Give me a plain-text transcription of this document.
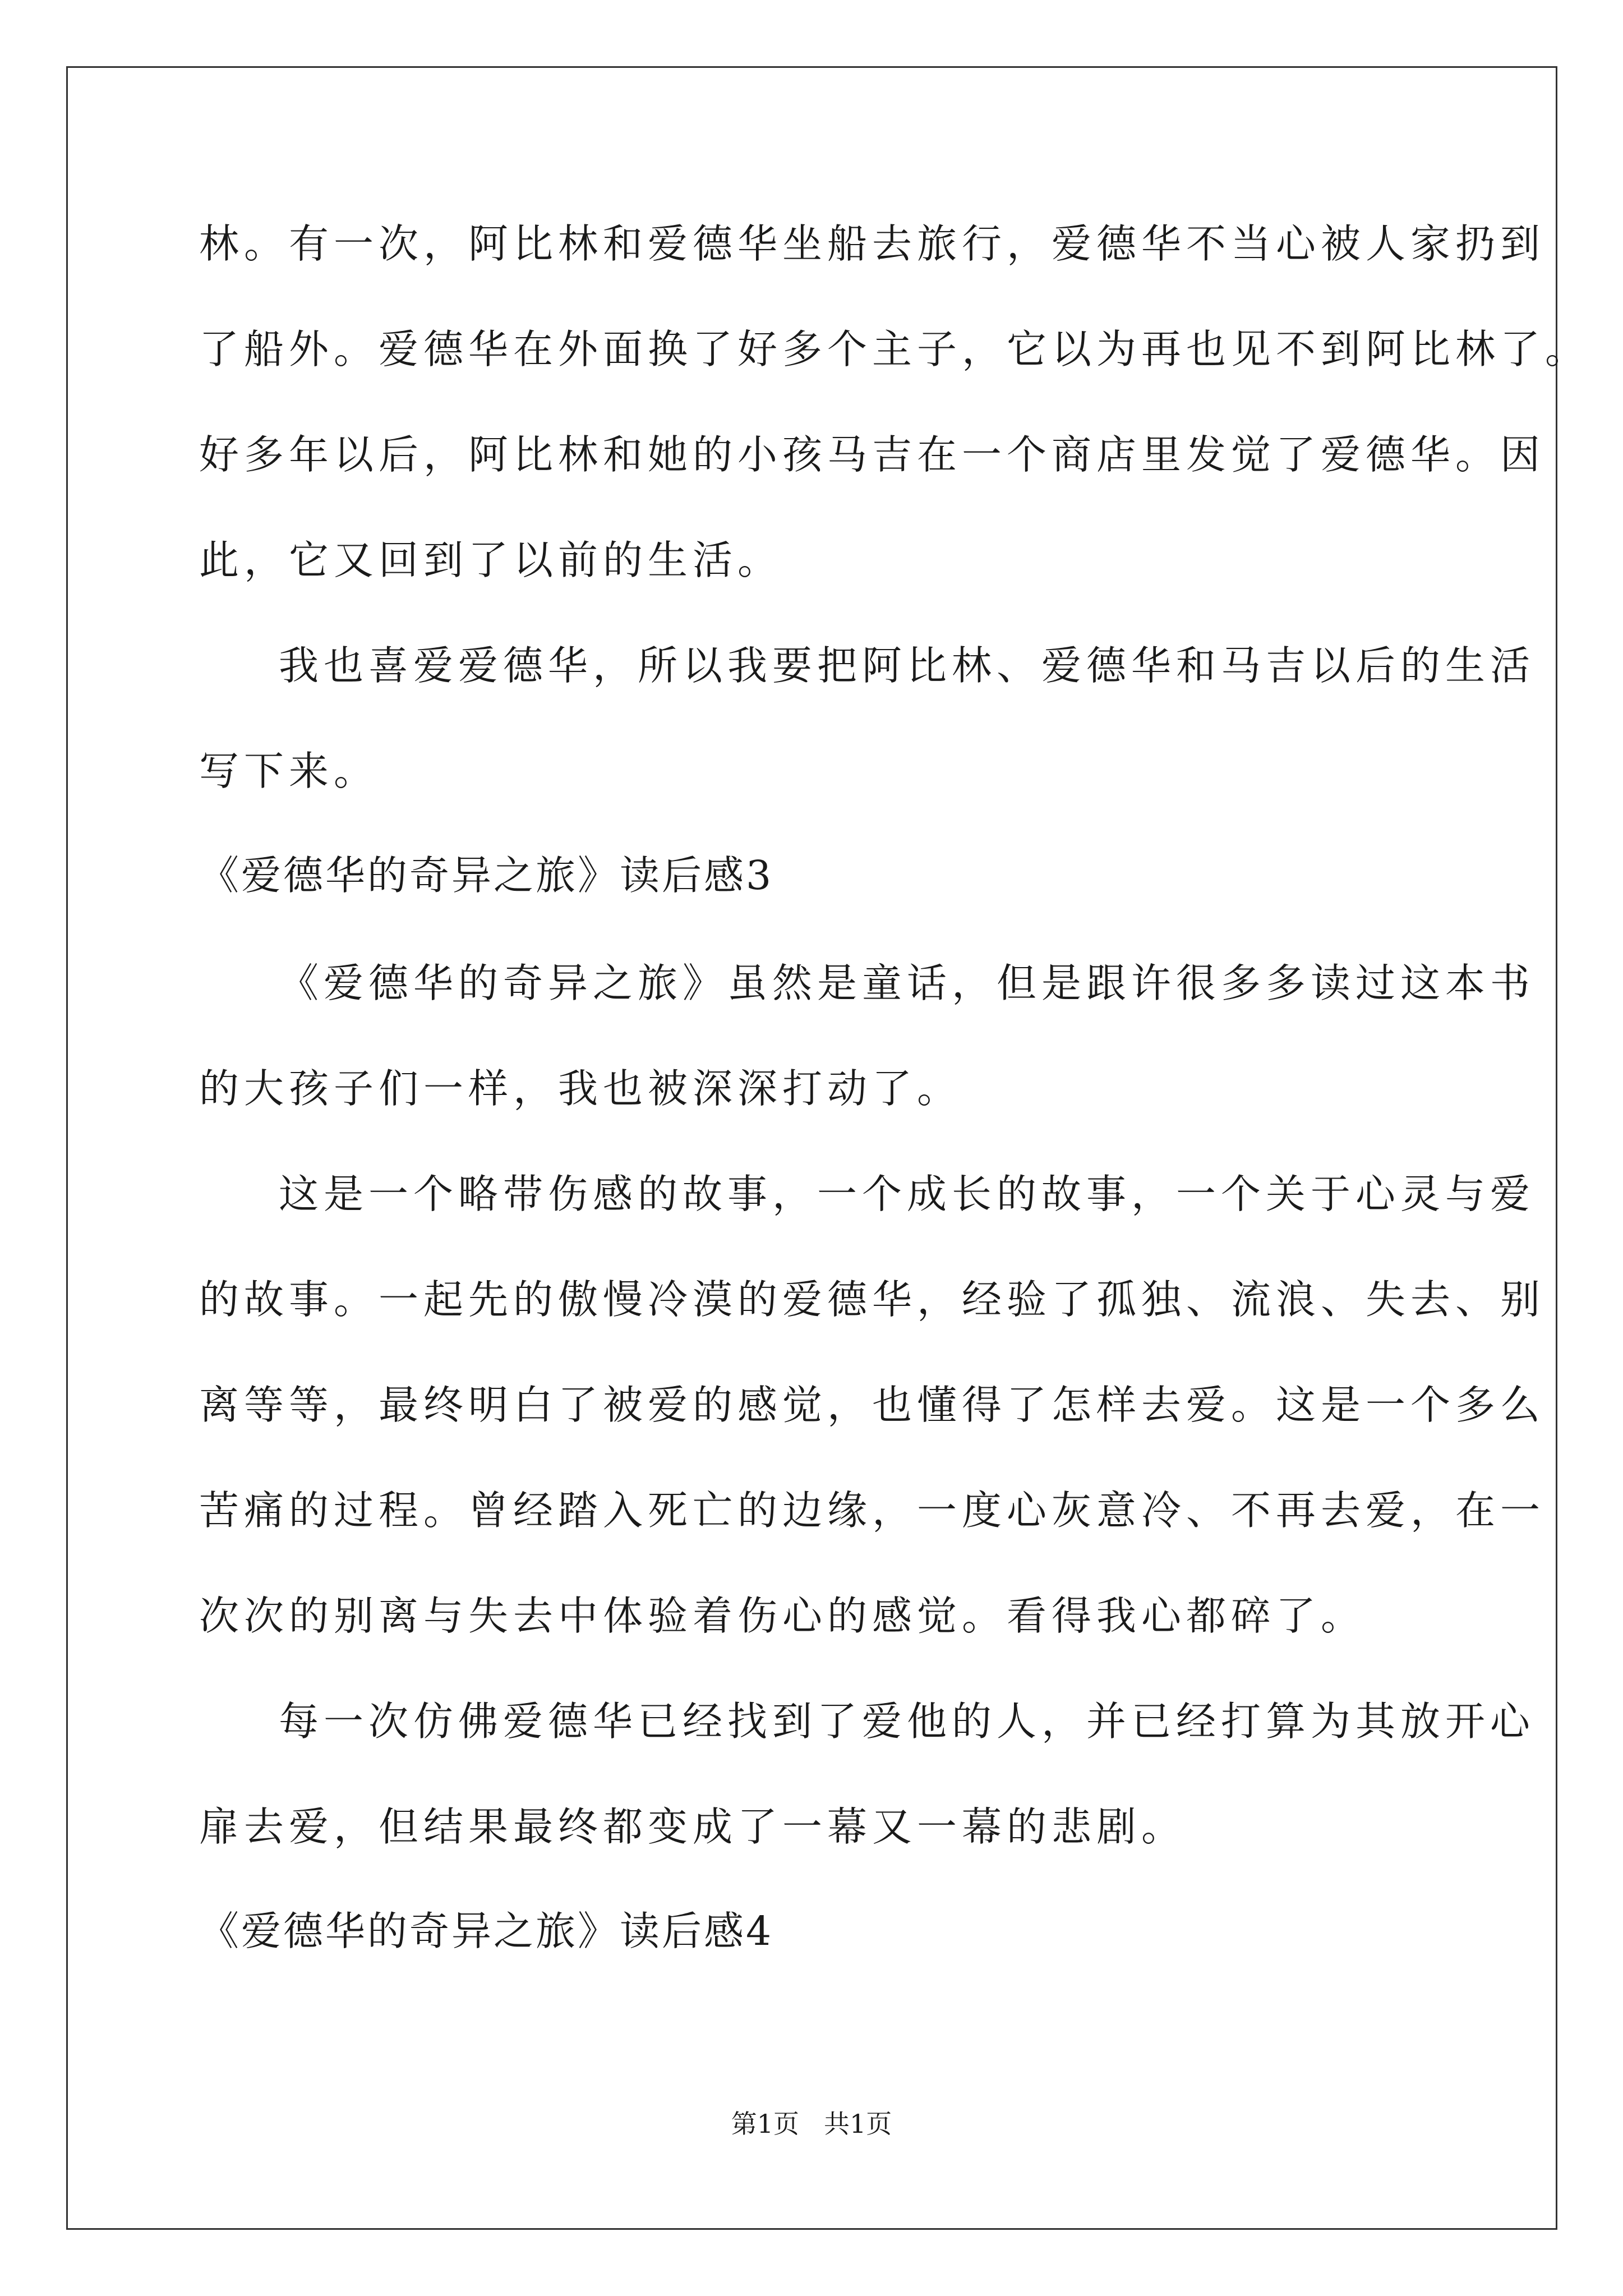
林。有一次，阿比林和爱德华坐船去旅行，爱德华不当心被人家扔到
了船外。爱德华在外面换了好多个主子，它以为再也见不到阿比林了。
好多年以后，阿比林和她的小孩马吉在一个商店里发觉了爱德华。因
此，它又回到了以前的生活。
我也喜爱爱德华，所以我要把阿比林、爱德华和马吉以后的生活
写下来。
《爱德华的奇异之旅》读后感3
《爱德华的奇异之旅》虽然是童话，但是跟许很多多读过这本书
的大孩子们一样，我也被深深打动了。
这是一个略带伤感的故事，一个成长的故事，一个关于心灵与爱
的故事。一起先的傲慢冷漠的爱德华，经验了孤独、流浪、失去、别
离等等，最终明白了被爱的感觉，也懂得了怎样去爱。这是一个多么
苦痛的过程。曾经踏入死亡的边缘，一度心灰意冷、不再去爱，在一
次次的别离与失去中体验着伤心的感觉。看得我心都碎了。
每一次仿佛爱德华已经找到了爱他的人，并已经打算为其放开心
扉去爱，但结果最终都变成了一幕又一幕的悲剧。
《爱德华的奇异之旅》读后感4
第1页 共1页
